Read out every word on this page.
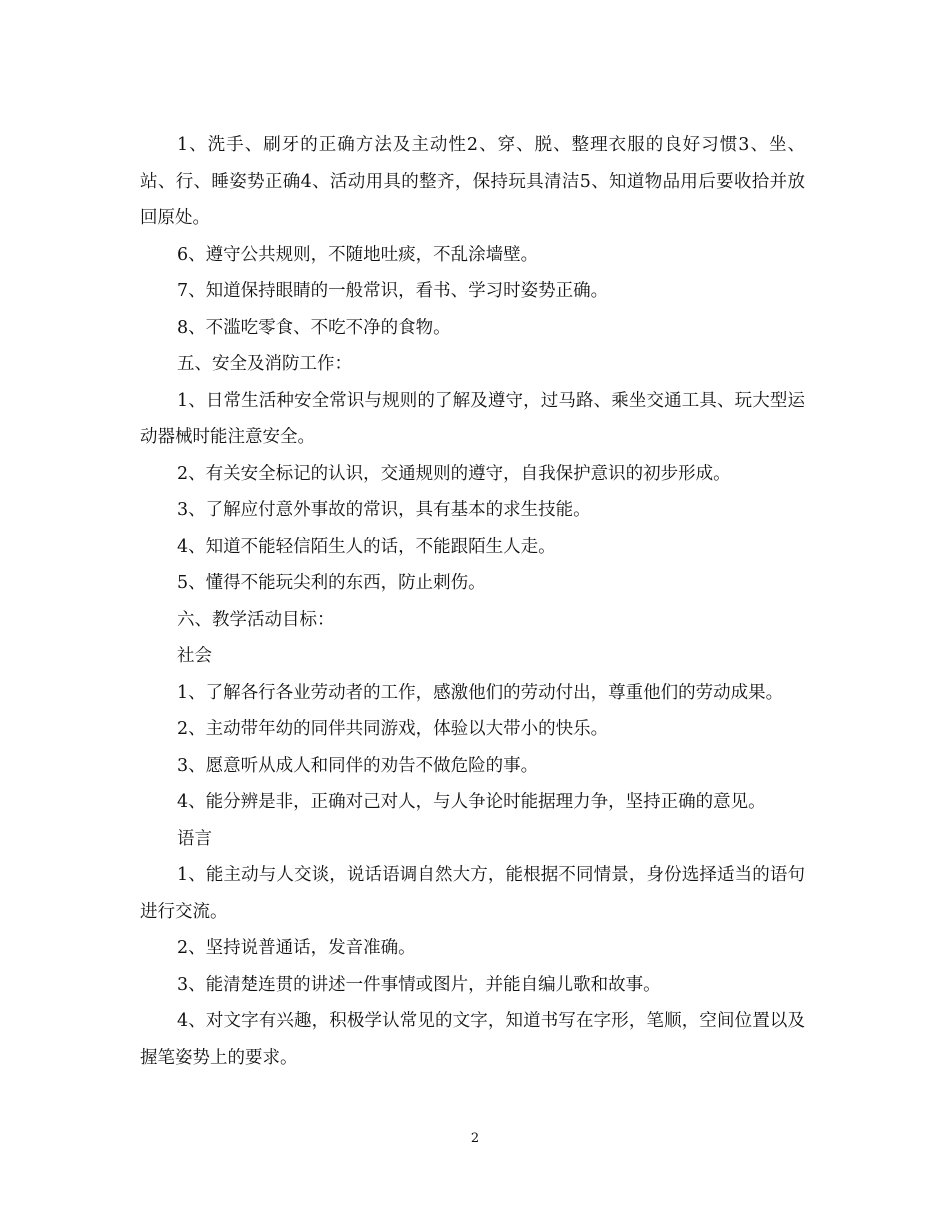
1、洗手、刷牙的正确方法及主动性2、穿、脱、整理衣服的良好习惯3、坐、站、行、睡姿势正确4、活动用具的整齐，保持玩具清洁5、知道物品用后要收拾并放回原处。

6、遵守公共规则，不随地吐痰，不乱涂墙壁。

7、知道保持眼睛的一般常识，看书、学习时姿势正确。

8、不滥吃零食、不吃不净的食物。

五、安全及消防工作：

1、日常生活种安全常识与规则的了解及遵守，过马路、乘坐交通工具、玩大型运动器械时能注意安全。

2、有关安全标记的认识，交通规则的遵守，自我保护意识的初步形成。

3、了解应付意外事故的常识，具有基本的求生技能。

4、知道不能轻信陌生人的话，不能跟陌生人走。

5、懂得不能玩尖利的东西，防止刺伤。

六、教学活动目标：

社会

1、了解各行各业劳动者的工作，感激他们的劳动付出，尊重他们的劳动成果。

2、主动带年幼的同伴共同游戏，体验以大带小的快乐。

3、愿意听从成人和同伴的劝告不做危险的事。

4、能分辨是非，正确对己对人，与人争论时能据理力争，坚持正确的意见。

语言

1、能主动与人交谈，说话语调自然大方，能根据不同情景，身份选择适当的语句进行交流。

2、坚持说普通话，发音准确。

3、能清楚连贯的讲述一件事情或图片，并能自编儿歌和故事。

4、对文字有兴趣，积极学认常见的文字，知道书写在字形，笔顺，空间位置以及握笔姿势上的要求。

2
